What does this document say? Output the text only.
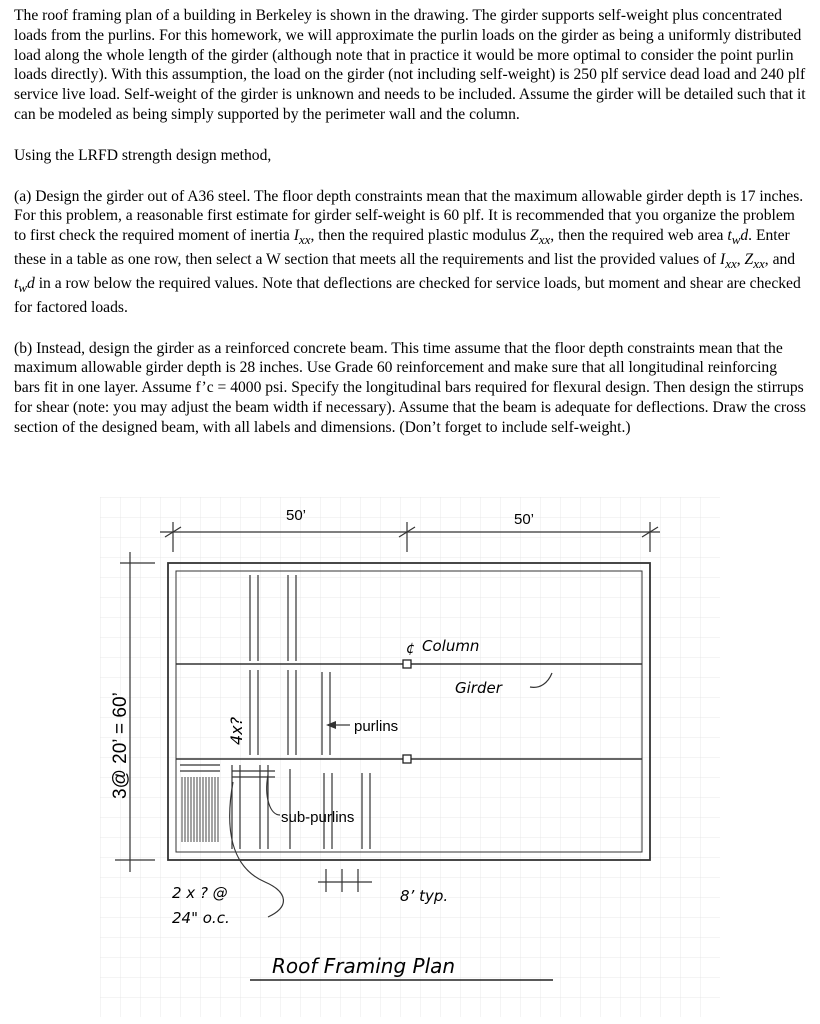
The roof framing plan of a building in Berkeley is shown in the drawing. The girder supports self-weight plus concentrated loads from the purlins. For this homework, we will approximate the purlin loads on the girder as being a uniformly distributed load along the whole length of the girder (although note that in practice it would be more optimal to consider the point purlin loads directly). With this assumption, the load on the girder (not including self-weight) is 250 plf service dead load and 240 plf service live load. Self-weight of the girder is unknown and needs to be included. Assume the girder will be detailed such that it can be modeled as being simply supported by the perimeter wall and the column.

Using the LRFD strength design method,

(a) Design the girder out of A36 steel. The floor depth constraints mean that the maximum allowable girder depth is 17 inches. For this problem, a reasonable first estimate for girder self-weight is 60 plf. It is recommended that you organize the problem to first check the required moment of inertia $I_{xx}$, then the required plastic modulus $Z_{xx}$, then the required web area $t_wd$. Enter these in a table as one row, then select a W section that meets all the requirements and list the provided values of $I_{xx}$, $Z_{xx}$, and $t_wd$ in a row below the required values. Note that deflections are checked for service loads, but moment and shear are checked for factored loads.

(b) Instead, design the girder as a reinforced concrete beam. This time assume that the floor depth constraints mean that the maximum allowable girder depth is 28 inches. Use Grade 60 reinforcement and make sure that all longitudinal reinforcing bars fit in one layer. Assume f’c = 4000 psi. Specify the longitudinal bars required for flexural design. Then design the stirrups for shear (note: you may adjust the beam width if necessary). Assume that the beam is adequate for deflections. Draw the cross section of the designed beam, with all labels and dimensions. (Don’t forget to include self-weight.)

50’	50’
3@ 20’ = 60’	4x?
¢ Column
Girder
purlins
sub-purlins
2 x ? @
24" o.c.
8’ typ.
Roof Framing Plan
